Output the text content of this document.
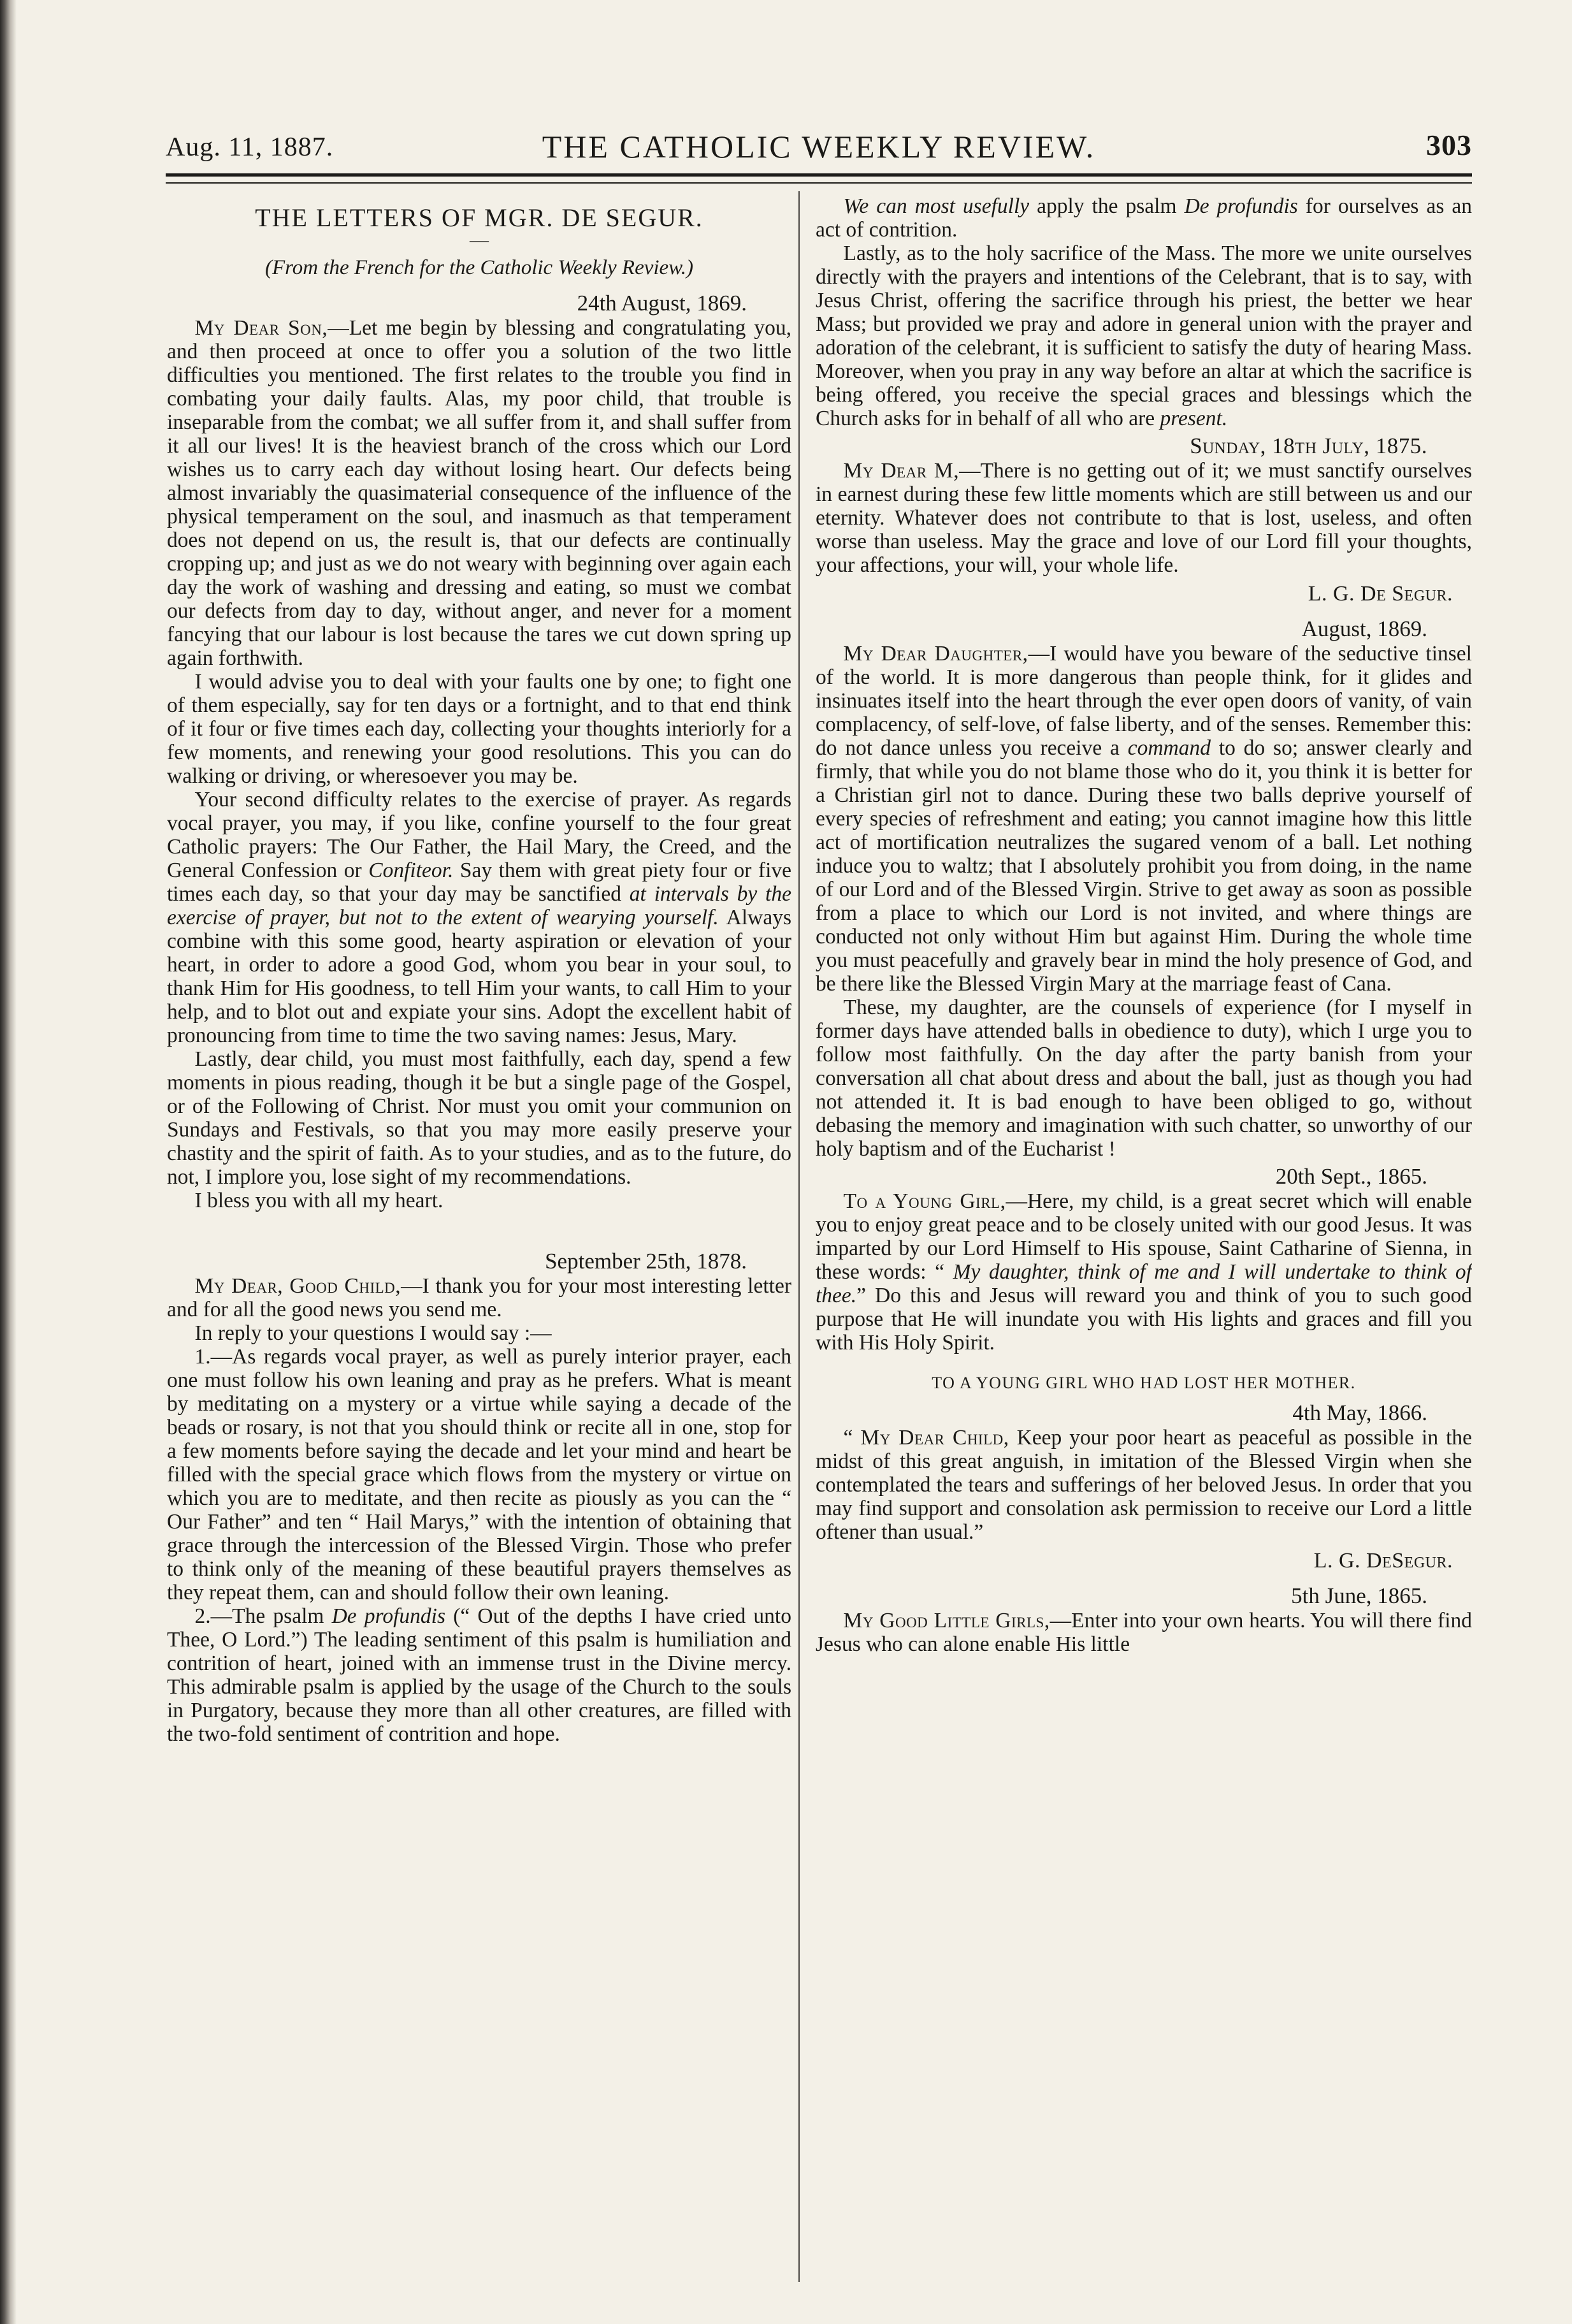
Aug. 11, 1887.	THE CATHOLIC WEEKLY REVIEW.	303
THE LETTERS OF MGR. DE SEGUR.
—
(From the French for the Catholic Weekly Review.)
24th August, 1869.

My Dear Son,—Let me begin by blessing and congratulating you, and then proceed at once to offer you a solution of the two little difficulties you mentioned. The first relates to the trouble you find in combating your daily faults. Alas, my poor child, that trouble is inseparable from the combat; we all suffer from it, and shall suffer from it all our lives! It is the heaviest branch of the cross which our Lord wishes us to carry each day without losing heart. Our defects being almost invariably the quasimaterial consequence of the influence of the physical temperament on the soul, and inasmuch as that temperament does not depend on us, the result is, that our defects are continually cropping up; and just as we do not weary with beginning over again each day the work of washing and dressing and eating, so must we combat our defects from day to day, without anger, and never for a moment fancying that our labour is lost because the tares we cut down spring up again forthwith.

I would advise you to deal with your faults one by one; to fight one of them especially, say for ten days or a fortnight, and to that end think of it four or five times each day, collecting your thoughts interiorly for a few moments, and renewing your good resolutions. This you can do walking or driving, or wheresoever you may be.

Your second difficulty relates to the exercise of prayer. As regards vocal prayer, you may, if you like, confine yourself to the four great Catholic prayers: The Our Father, the Hail Mary, the Creed, and the General Confession or Confiteor. Say them with great piety four or five times each day, so that your day may be sanctified at intervals by the exercise of prayer, but not to the extent of wearying yourself. Always combine with this some good, hearty aspiration or elevation of your heart, in order to adore a good God, whom you bear in your soul, to thank Him for His goodness, to tell Him your wants, to call Him to your help, and to blot out and expiate your sins. Adopt the excellent habit of pronouncing from time to time the two saving names: Jesus, Mary.

Lastly, dear child, you must most faithfully, each day, spend a few moments in pious reading, though it be but a single page of the Gospel, or of the Following of Christ. Nor must you omit your communion on Sundays and Festivals, so that you may more easily preserve your chastity and the spirit of faith. As to your studies, and as to the future, do not, I implore you, lose sight of my recommendations.

I bless you with all my heart.

September 25th, 1878.

My Dear, Good Child,—I thank you for your most interesting letter and for all the good news you send me.

In reply to your questions I would say :—

1.—As regards vocal prayer, as well as purely interior prayer, each one must follow his own leaning and pray as he prefers. What is meant by meditating on a mystery or a virtue while saying a decade of the beads or rosary, is not that you should think or recite all in one, stop for a few moments before saying the decade and let your mind and heart be filled with the special grace which flows from the mystery or virtue on which you are to meditate, and then recite as piously as you can the “ Our Father” and ten “ Hail Marys,” with the intention of obtaining that grace through the intercession of the Blessed Virgin. Those who prefer to think only of the meaning of these beautiful prayers themselves as they repeat them, can and should follow their own leaning.

2.—The psalm De profundis (“ Out of the depths I have cried unto Thee, O Lord.”) The leading sentiment of this psalm is humiliation and contrition of heart, joined with an immense trust in the Divine mercy. This admirable psalm is applied by the usage of the Church to the souls in Purgatory, because they more than all other creatures, are filled with the two-fold sentiment of contrition and hope.

We can most usefully apply the psalm De profundis for ourselves as an act of contrition.

Lastly, as to the holy sacrifice of the Mass. The more we unite ourselves directly with the prayers and intentions of the Celebrant, that is to say, with Jesus Christ, offering the sacrifice through his priest, the better we hear Mass; but provided we pray and adore in general union with the prayer and adoration of the celebrant, it is sufficient to satisfy the duty of hearing Mass. Moreover, when you pray in any way before an altar at which the sacrifice is being offered, you receive the special graces and blessings which the Church asks for in behalf of all who are present.

Sunday, 18th July, 1875.

My Dear M,—There is no getting out of it; we must sanctify ourselves in earnest during these few little moments which are still between us and our eternity. Whatever does not contribute to that is lost, useless, and often worse than useless. May the grace and love of our Lord fill your thoughts, your affections, your will, your whole life.

L. G. De Segur.
August, 1869.

My Dear Daughter,—I would have you beware of the seductive tinsel of the world. It is more dangerous than people think, for it glides and insinuates itself into the heart through the ever open doors of vanity, of vain complacency, of self-love, of false liberty, and of the senses. Remember this: do not dance unless you receive a command to do so; answer clearly and firmly, that while you do not blame those who do it, you think it is better for a Christian girl not to dance. During these two balls deprive yourself of every species of refreshment and eating; you cannot imagine how this little act of mortification neutralizes the sugared venom of a ball. Let nothing induce you to waltz; that I absolutely prohibit you from doing, in the name of our Lord and of the Blessed Virgin. Strive to get away as soon as possible from a place to which our Lord is not invited, and where things are conducted not only without Him but against Him. During the whole time you must peacefully and gravely bear in mind the holy presence of God, and be there like the Blessed Virgin Mary at the marriage feast of Cana.

These, my daughter, are the counsels of experience (for I myself in former days have attended balls in obedience to duty), which I urge you to follow most faithfully. On the day after the party banish from your conversation all chat about dress and about the ball, just as though you had not attended it. It is bad enough to have been obliged to go, without debasing the memory and imagination with such chatter, so unworthy of our holy baptism and of the Eucharist !

20th Sept., 1865.

To a Young Girl,—Here, my child, is a great secret which will enable you to enjoy great peace and to be closely united with our good Jesus. It was imparted by our Lord Himself to His spouse, Saint Catharine of Sienna, in these words: “ My daughter, think of me and I will undertake to think of thee.” Do this and Jesus will reward you and think of you to such good purpose that He will inundate you with His lights and graces and fill you with His Holy Spirit.

TO A YOUNG GIRL WHO HAD LOST HER MOTHER.
4th May, 1866.

“ My Dear Child, Keep your poor heart as peaceful as possible in the midst of this great anguish, in imitation of the Blessed Virgin when she contemplated the tears and sufferings of her beloved Jesus. In order that you may find support and consolation ask permission to receive our Lord a little oftener than usual.”

L. G. DeSegur.
5th June, 1865.

My Good Little Girls,—Enter into your own hearts. You will there find Jesus who can alone enable His little
